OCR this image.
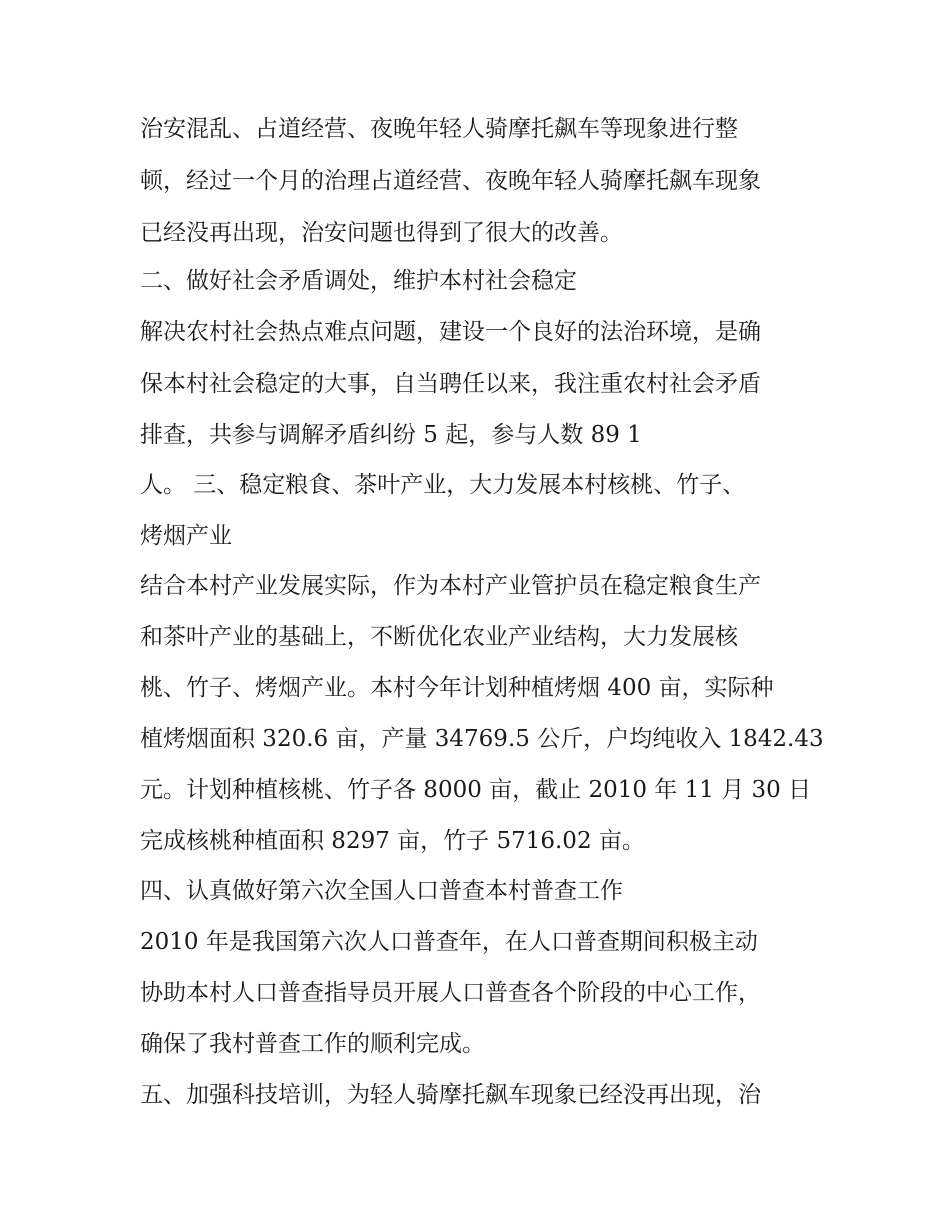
治安混乱、占道经营、夜晚年轻人骑摩托飙车等现象进行整

顿，经过一个月的治理占道经营、夜晚年轻人骑摩托飙车现象

已经没再出现，治安问题也得到了很大的改善。

二、做好社会矛盾调处，维护本村社会稳定

解决农村社会热点难点问题，建设一个良好的法治环境，是确

保本村社会稳定的大事，自当聘任以来，我注重农村社会矛盾

排查，共参与调解矛盾纠纷 5 起，参与人数 89 1

人。 三、稳定粮食、茶叶产业，大力发展本村核桃、竹子、

烤烟产业

结合本村产业发展实际，作为本村产业管护员在稳定粮食生产

和茶叶产业的基础上，不断优化农业产业结构，大力发展核

桃、竹子、烤烟产业。本村今年计划种植烤烟 400 亩，实际种

植烤烟面积 320.6 亩，产量 34769.5 公斤，户均纯收入 1842.43

元。计划种植核桃、竹子各 8000 亩，截止 2010 年 11 月 30 日

完成核桃种植面积 8297 亩，竹子 5716.02 亩。

四、认真做好第六次全国人口普查本村普查工作

2010 年是我国第六次人口普查年，在人口普查期间积极主动

协助本村人口普查指导员开展人口普查各个阶段的中心工作，

确保了我村普查工作的顺利完成。

五、加强科技培训，为轻人骑摩托飙车现象已经没再出现，治
